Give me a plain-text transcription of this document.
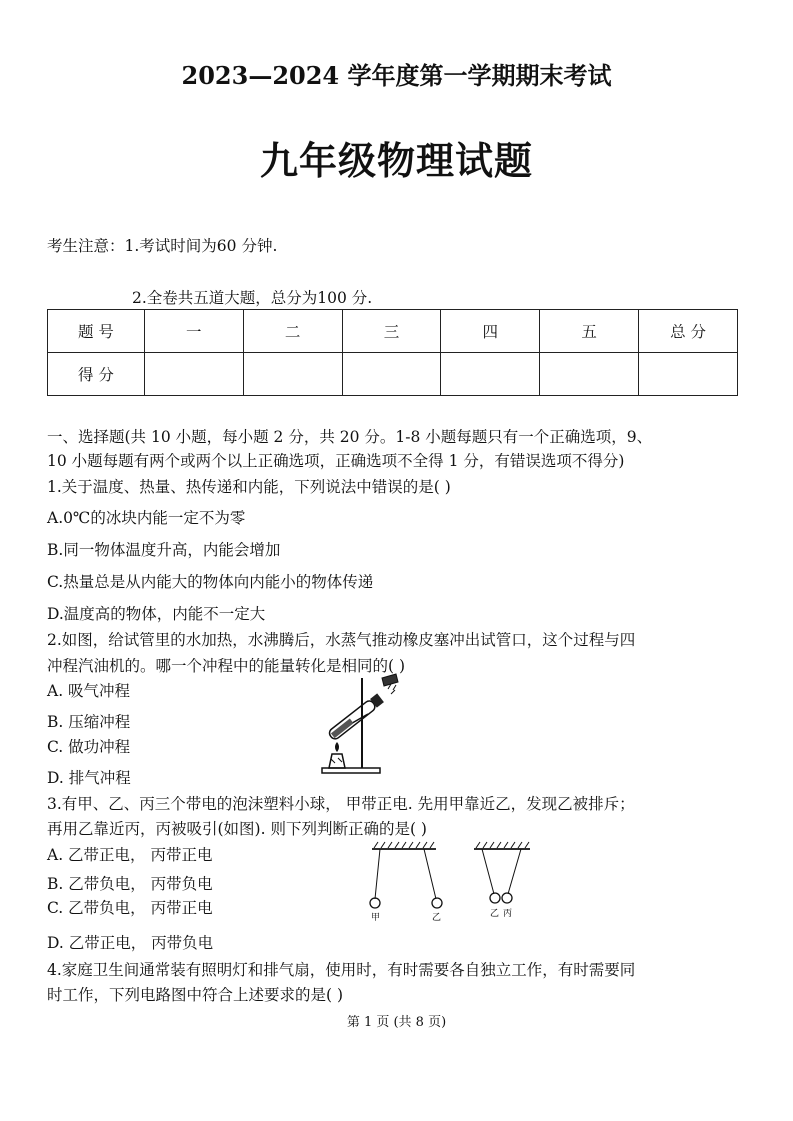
2023—2024 学年度第一学期期末考试
九年级物理试题
考生注意：1.考试时间为60 分钟.
2.全卷共五道大题，总分为100 分.
题 号	一	二	三	四	五	总 分
得 分						
一、选择题(共 10 小题，每小题 2 分，共 20 分。1-8 小题每题只有一个正确选项，9、
10 小题每题有两个或两个以上正确选项，正确选项不全得 1 分，有错误选项不得分)
1.关于温度、热量、热传递和内能，下列说法中错误的是( )
A.0℃的冰块内能一定不为零
B.同一物体温度升高，内能会增加
C.热量总是从内能大的物体向内能小的物体传递
D.温度高的物体，内能不一定大
2.如图，给试管里的水加热，水沸腾后，水蒸气推动橡皮塞冲出试管口，这个过程与四
冲程汽油机的。哪一个冲程中的能量转化是相同的( )
A. 吸气冲程
B. 压缩冲程
C. 做功冲程
D. 排气冲程
3.有甲、乙、丙三个带电的泡沫塑料小球， 甲带正电. 先用甲靠近乙，发现乙被排斥；
再用乙靠近丙，丙被吸引(如图). 则下列判断正确的是( )
A. 乙带正电， 丙带正电
B. 乙带负电， 丙带负电
C. 乙带负电， 丙带正电
D. 乙带正电， 丙带负电
甲	乙	乙 丙
4.家庭卫生间通常装有照明灯和排气扇，使用时，有时需要各自独立工作，有时需要同
时工作，下列电路图中符合上述要求的是( )
第 1 页 (共 8 页)
